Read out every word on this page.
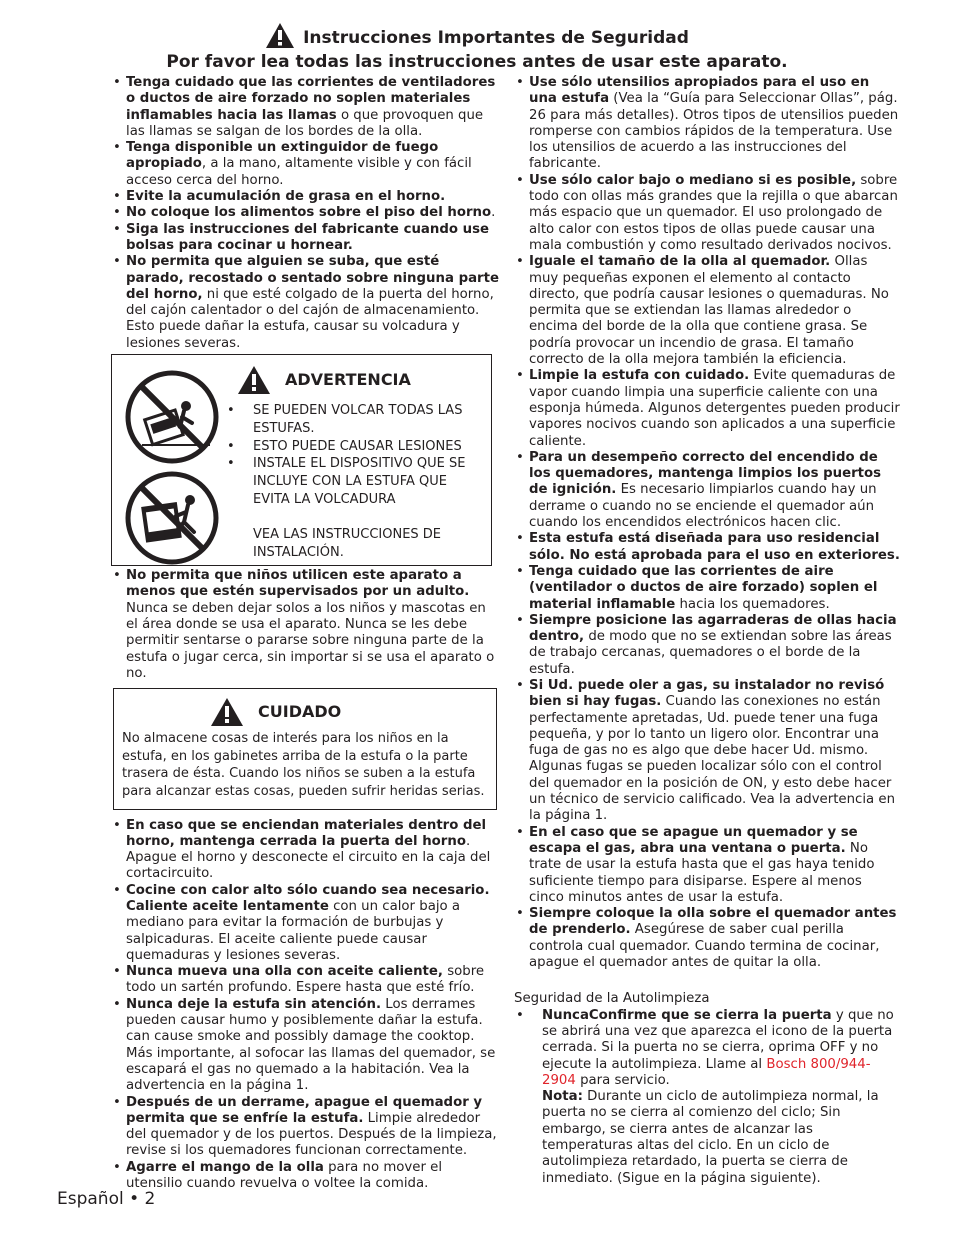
Instrucciones Importantes de Seguridad
Por favor lea todas las instrucciones antes de usar este aparato.
• Tenga cuidado que las corrientes de ventiladores o ductos de aire forzado no soplen materiales inflamables hacia las llamas o que provoquen que las llamas se salgan de los bordes de la olla.
• Tenga disponible un extinguidor de fuego apropiado, a la mano, altamente visible y con fácil acceso cerca del horno.
• Evite la acumulación de grasa en el horno.
• No coloque los alimentos sobre el piso del horno.
• Siga las instrucciones del fabricante cuando use bolsas para cocinar u hornear.
• No permita que alguien se suba, que esté parado, recostado o sentado sobre ninguna parte del horno, ni que esté colgado de la puerta del horno, del cajón calentador o del cajón de almacenamiento. Esto puede dañar la estufa, causar su volcadura y lesiones severas.
ADVERTENCIA
• SE PUEDEN VOLCAR TODAS LAS ESTUFAS.
• ESTO PUEDE CAUSAR LESIONES
• INSTALE EL DISPOSITIVO QUE SE INCLUYE CON LA ESTUFA QUE EVITA LA VOLCADURA
VEA LAS INSTRUCCIONES DE INSTALACIÓN.
• No permita que niños utilicen este aparato a menos que estén supervisados por un adulto. Nunca se deben dejar solos a los niños y mascotas en el área donde se usa el aparato. Nunca se les debe permitir sentarse o pararse sobre ninguna parte de la estufa o jugar cerca, sin importar si se usa el aparato o no.
CUIDADO
No almacene cosas de interés para los niños en la estufa, en los gabinetes arriba de la estufa o la parte trasera de ésta. Cuando los niños se suben a la estufa para alcanzar estas cosas, pueden sufrir heridas serias.
• En caso que se enciendan materiales dentro del horno, mantenga cerrada la puerta del horno. Apague el horno y desconecte el circuito en la caja del cortacircuito.
• Cocine con calor alto sólo cuando sea necesario. Caliente aceite lentamente con un calor bajo a mediano para evitar la formación de burbujas y salpicaduras. El aceite caliente puede causar quemaduras y lesiones severas.
• Nunca mueva una olla con aceite caliente, sobre todo un sartén profundo. Espere hasta que esté frío.
• Nunca deje la estufa sin atención. Los derrames pueden causar humo y posiblemente dañar la estufa. can cause smoke and possibly damage the cooktop. Más importante, al sofocar las llamas del quemador, se escapará el gas no quemado a la habitación. Vea la advertencia en la página 1.
• Después de un derrame, apague el quemador y permita que se enfríe la estufa. Limpie alrededor del quemador y de los puertos. Después de la limpieza, revise si los quemadores funcionan correctamente.
• Agarre el mango de la olla para no mover el utensilio cuando revuelva o voltee la comida.
• Use sólo utensilios apropiados para el uso en una estufa (Vea la “Guía para Seleccionar Ollas”, pág. 26 para más detalles). Otros tipos de utensilios pueden romperse con cambios rápidos de la temperatura. Use los utensilios de acuerdo a las instrucciones del fabricante.
• Use sólo calor bajo o mediano si es posible, sobre todo con ollas más grandes que la rejilla o que abarcan más espacio que un quemador. El uso prolongado de alto calor con estos tipos de ollas puede causar una mala combustión y como resultado derivados nocivos.
• Iguale el tamaño de la olla al quemador. Ollas muy pequeñas exponen el elemento al contacto directo, que podría causar lesiones o quemaduras. No permita que se extiendan las llamas alrededor o encima del borde de la olla que contiene grasa. Se podría provocar un incendio de grasa. El tamaño correcto de la olla mejora también la eficiencia.
• Limpie la estufa con cuidado. Evite quemaduras de vapor cuando limpia una superficie caliente con una esponja húmeda. Algunos detergentes pueden producir vapores nocivos cuando son aplicados a una superficie caliente.
• Para un desempeño correcto del encendido de los quemadores, mantenga limpios los puertos de ignición. Es necesario limpiarlos cuando hay un derrame o cuando no se enciende el quemador aún cuando los encendidos electrónicos hacen clic.
• Esta estufa está diseñada para uso residencial sólo. No está aprobada para el uso en exteriores.
• Tenga cuidado que las corrientes de aire (ventilador o ductos de aire forzado) soplen el material inflamable hacia los quemadores.
• Siempre posicione las agarraderas de ollas hacia dentro, de modo que no se extiendan sobre las áreas de trabajo cercanas, quemadores o el borde de la estufa.
• Si Ud. puede oler a gas, su instalador no revisó bien si hay fugas. Cuando las conexiones no están perfectamente apretadas, Ud. puede tener una fuga pequeña, y por lo tanto un ligero olor. Encontrar una fuga de gas no es algo que debe hacer Ud. mismo. Algunas fugas se pueden localizar sólo con el control del quemador en la posición de ON, y esto debe hacer un técnico de servicio calificado. Vea la advertencia en la página 1.
• En el caso que se apague un quemador y se escapa el gas, abra una ventana o puerta. No trate de usar la estufa hasta que el gas haya tenido suficiente tiempo para disiparse. Espere al menos cinco minutos antes de usar la estufa.
• Siempre coloque la olla sobre el quemador antes de prenderlo. Asegúrese de saber cual perilla controla cual quemador. Cuando termina de cocinar, apague el quemador antes de quitar la olla.
Seguridad de la Autolimpieza
• NuncaConfirme que se cierra la puerta y que no se abrirá una vez que aparezca el icono de la puerta cerrada. Si la puerta no se cierra, oprima OFF y no ejecute la autolimpieza. Llame al Bosch 800/944-2904 para servicio.
Nota: Durante un ciclo de autolimpieza normal, la puerta no se cierra al comienzo del ciclo; Sin embargo, se cierra antes de alcanzar las temperaturas altas del ciclo. En un ciclo de autolimpieza retardado, la puerta se cierra de inmediato. (Sigue en la página siguiente).
Español • 2
